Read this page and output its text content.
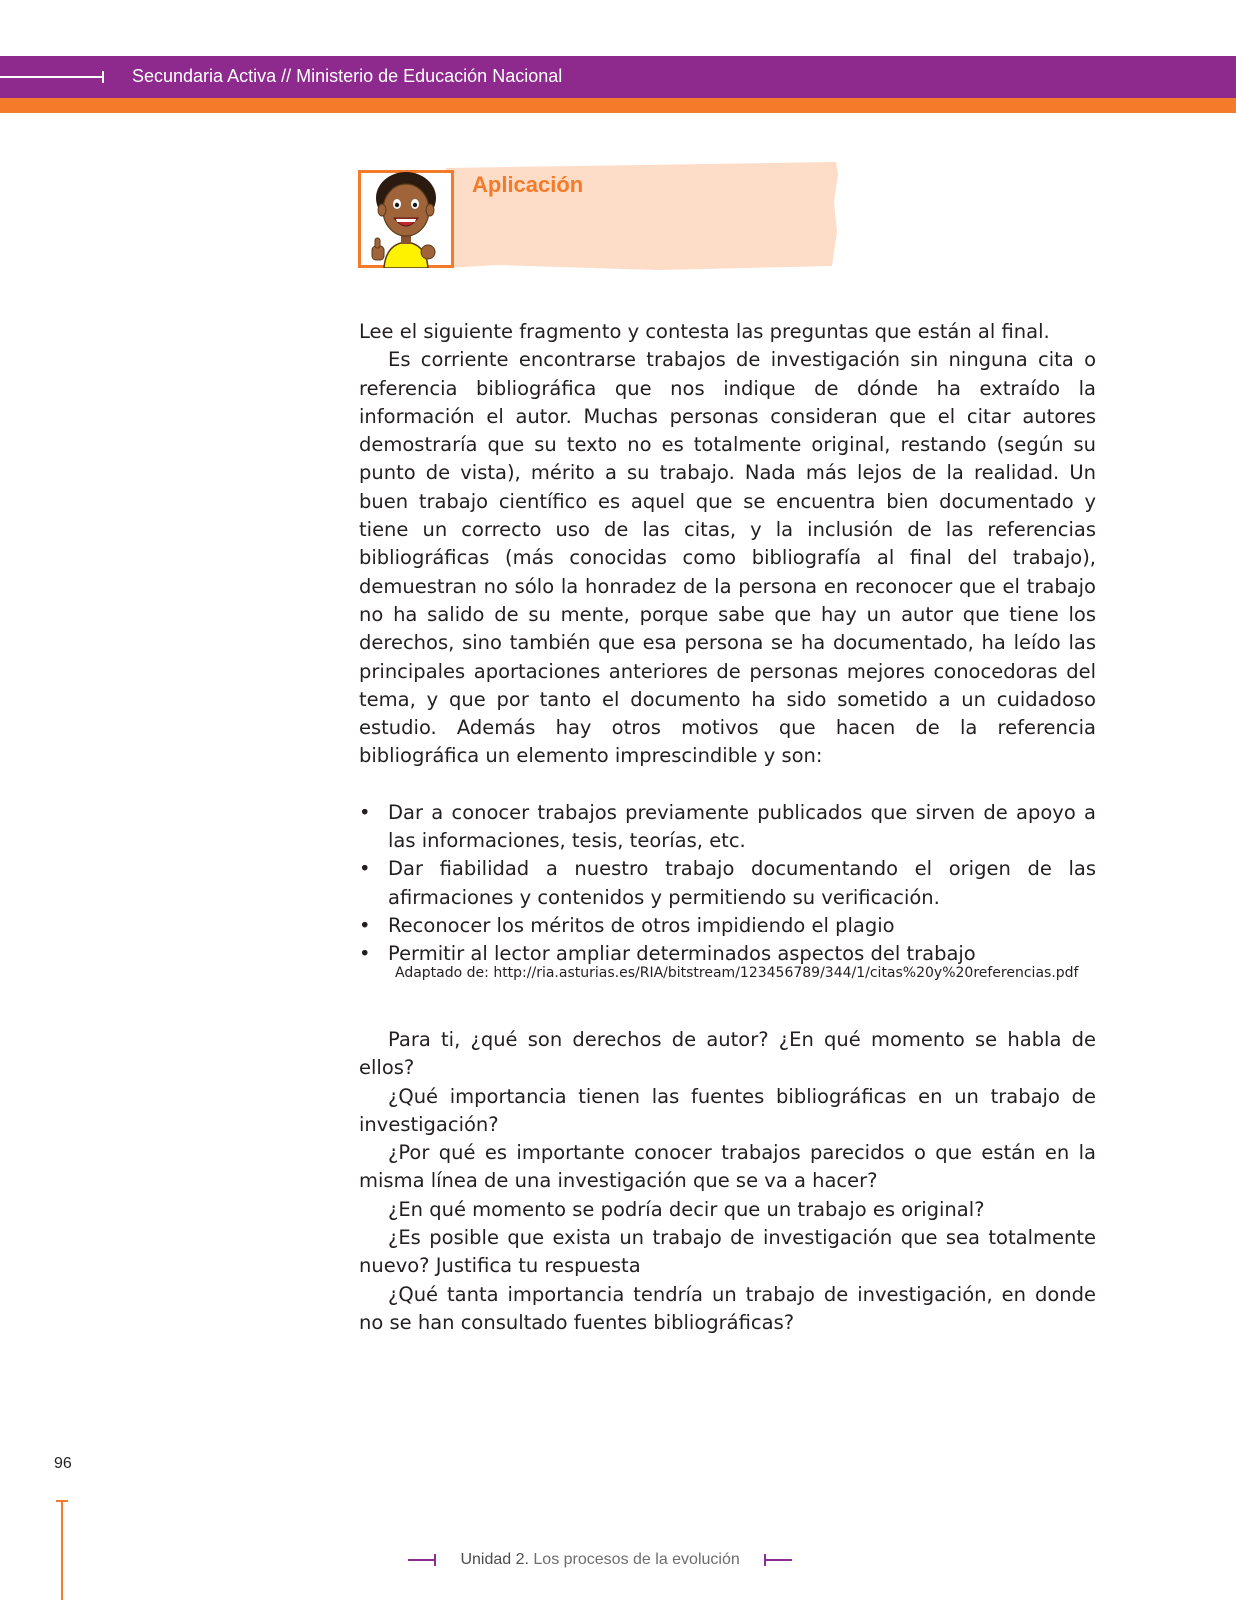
Secundaria Activa // Ministerio de Educación Nacional
Aplicación

Lee el siguiente fragmento y contesta las preguntas que están al final.

Es corriente encontrarse trabajos de investigación sin ninguna cita o referencia bibliográfica que nos indique de dónde ha extraído la información el autor. Muchas personas consideran que el citar autores demostraría que su texto no es totalmente original, restando (según su punto de vista), mérito a su trabajo. Nada más lejos de la realidad. Un buen trabajo científico es aquel que se encuentra bien documentado y tiene un correcto uso de las citas, y la inclusión de las referencias bibliográficas (más conocidas como bibliografía al final del trabajo), demuestran no sólo la honradez de la persona en reconocer que el trabajo no ha salido de su mente, porque sabe que hay un autor que tiene los derechos, sino también que esa persona se ha documentado, ha leído las principales aportaciones anteriores de personas mejores conocedoras del tema, y que por tanto el documento ha sido sometido a un cuidadoso estudio. Además hay otros motivos que hacen de la referencia bibliográfica un elemento imprescindible y son:

• Dar a conocer trabajos previamente publicados que sirven de apoyo a las informaciones, tesis, teorías, etc.
• Dar fiabilidad a nuestro trabajo documentando el origen de las afirmaciones y contenidos y permitiendo su verificación.
• Reconocer los méritos de otros impidiendo el plagio
• Permitir al lector ampliar determinados aspectos del trabajo
Adaptado de: http://ria.asturias.es/RIA/bitstream/123456789/344/1/citas%20y%20referencias.pdf

Para ti, ¿qué son derechos de autor? ¿En qué momento se habla de ellos?

¿Qué importancia tienen las fuentes bibliográficas en un trabajo de investigación?

¿Por qué es importante conocer trabajos parecidos o que están en la misma línea de una investigación que se va a hacer?

¿En qué momento se podría decir que un trabajo es original?

¿Es posible que exista un trabajo de investigación que sea totalmente nuevo? Justifica tu respuesta

¿Qué tanta importancia tendría un trabajo de investigación, en donde no se han consultado fuentes bibliográficas?

96
Unidad 2. Los procesos de la evolución
